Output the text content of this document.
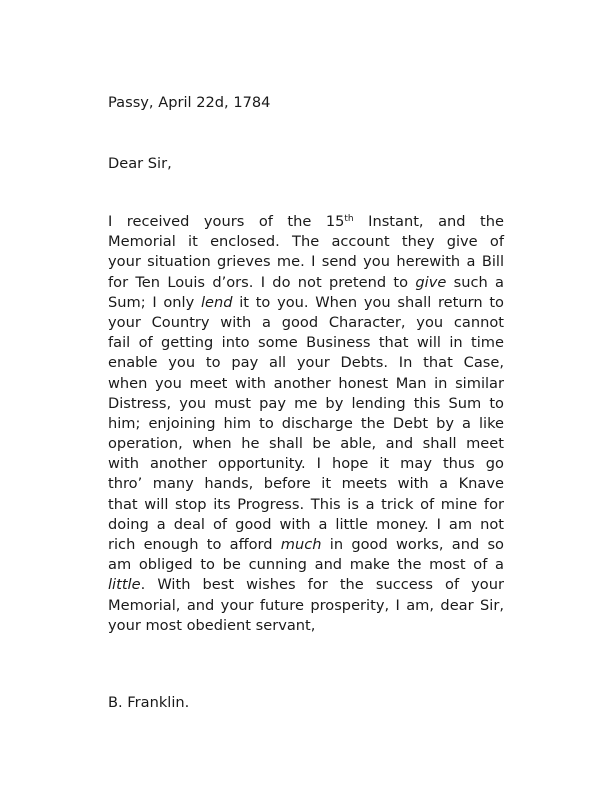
Passy, April 22d, 1784
Dear Sir,
I received yours of the 15th Instant, and the
Memorial it enclosed. The account they give of
your situation grieves me. I send you herewith a Bill
for Ten Louis d’ors. I do not pretend to give such a
Sum; I only lend it to you. When you shall return to
your Country with a good Character, you cannot
fail of getting into some Business that will in time
enable you to pay all your Debts. In that Case,
when you meet with another honest Man in similar
Distress, you must pay me by lending this Sum to
him; enjoining him to discharge the Debt by a like
operation, when he shall be able, and shall meet
with another opportunity. I hope it may thus go
thro’ many hands, before it meets with a Knave
that will stop its Progress. This is a trick of mine for
doing a deal of good with a little money. I am not
rich enough to afford much in good works, and so
am obliged to be cunning and make the most of a
little. With best wishes for the success of your
Memorial, and your future prosperity, I am, dear Sir,
your most obedient servant,
B. Franklin.
